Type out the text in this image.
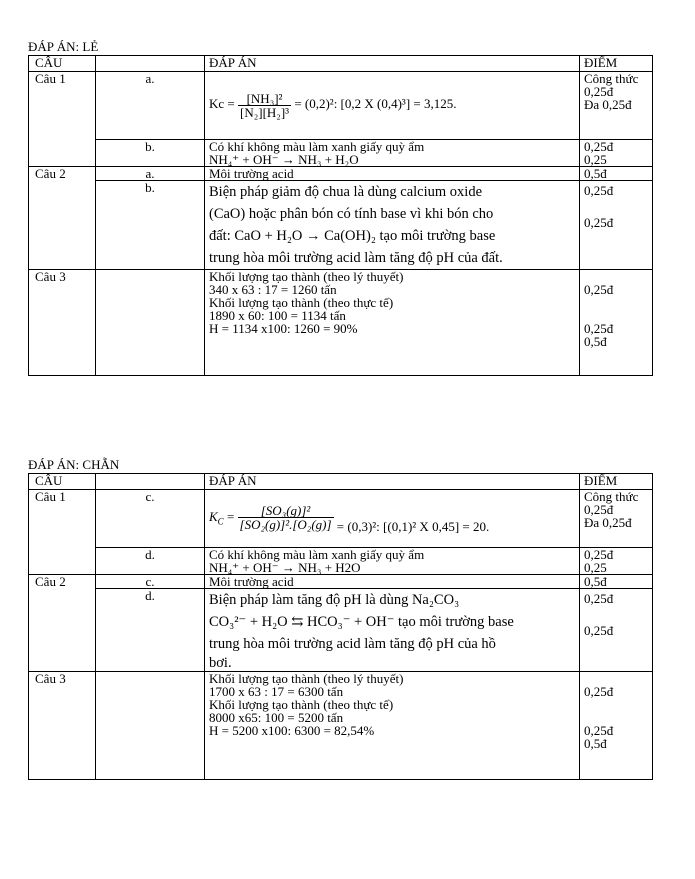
ĐÁP ÁN: LẺ
CÂU		ĐÁP ÁN	ĐIỂM
Câu 1	a.	$Kc = \frac{\text{[NH₃]²}}{\text{[N₂][H₂]³}} = (0,2)^2$: [0,2 X (0,4)³] = 3,125.	Công thức
0,25đ
Đa 0,25đ

	b.	Có khí không màu làm xanh giấy quỳ ẩm
NH₄⁺ + OH⁻ → NH₃ + H₂O	0,25đ
0,25

Câu 2	a.	Môi trường acid	0,5đ
	b.	Biện pháp giảm độ chua là dùng calcium oxide
(CaO) hoặc phân bón có tính base vì khi bón cho
đất: CaO + H₂O → Ca(OH)₂ tạo môi trường base
trung hòa môi trường acid làm tăng độ pH của đất.	0,25đ
0,25đ

Câu 3		Khối lượng tạo thành (theo lý thuyết)
340 x 63 : 17 = 1260 tấn
Khối lượng tạo thành (theo thực tế)
1890 x 60: 100 = 1134 tấn
H = 1134 x100: 1260 = 90%	0,25đ
0,25đ
0,5đ
ĐÁP ÁN: CHẴN
CÂU		ĐÁP ÁN	ĐIỂM
Câu 1	c.	$K_C = \frac{\text{[SO₃(g)]²}}{\text{[SO₂(g)]².[O₂(g)]}} = (0,3)^2$: [(0,1)² X 0,45] = 20.	Công thức
0,25đ
Đa 0,25đ

	d.	Có khí không màu làm xanh giấy quỳ ẩm
NH₄⁺ + OH⁻ → NH₃ + H2O	0,25đ
0,25

Câu 2	c.	Môi trường acid	0,5đ
	d.	Biện pháp làm tăng độ pH là dùng Na₂CO₃
CO₃²⁻ + H₂O ⇆ HCO₃⁻ + OH⁻ tạo môi trường base
trung hòa môi trường acid làm tăng độ pH của hồ
bơi.	0,25đ
0,25đ

Câu 3		Khối lượng tạo thành (theo lý thuyết)
1700 x 63 : 17 = 6300 tấn
Khối lượng tạo thành (theo thực tế)
8000 x65: 100 = 5200 tấn
H = 5200 x100: 6300 = 82,54%	0,25đ
0,25đ
0,5đ
